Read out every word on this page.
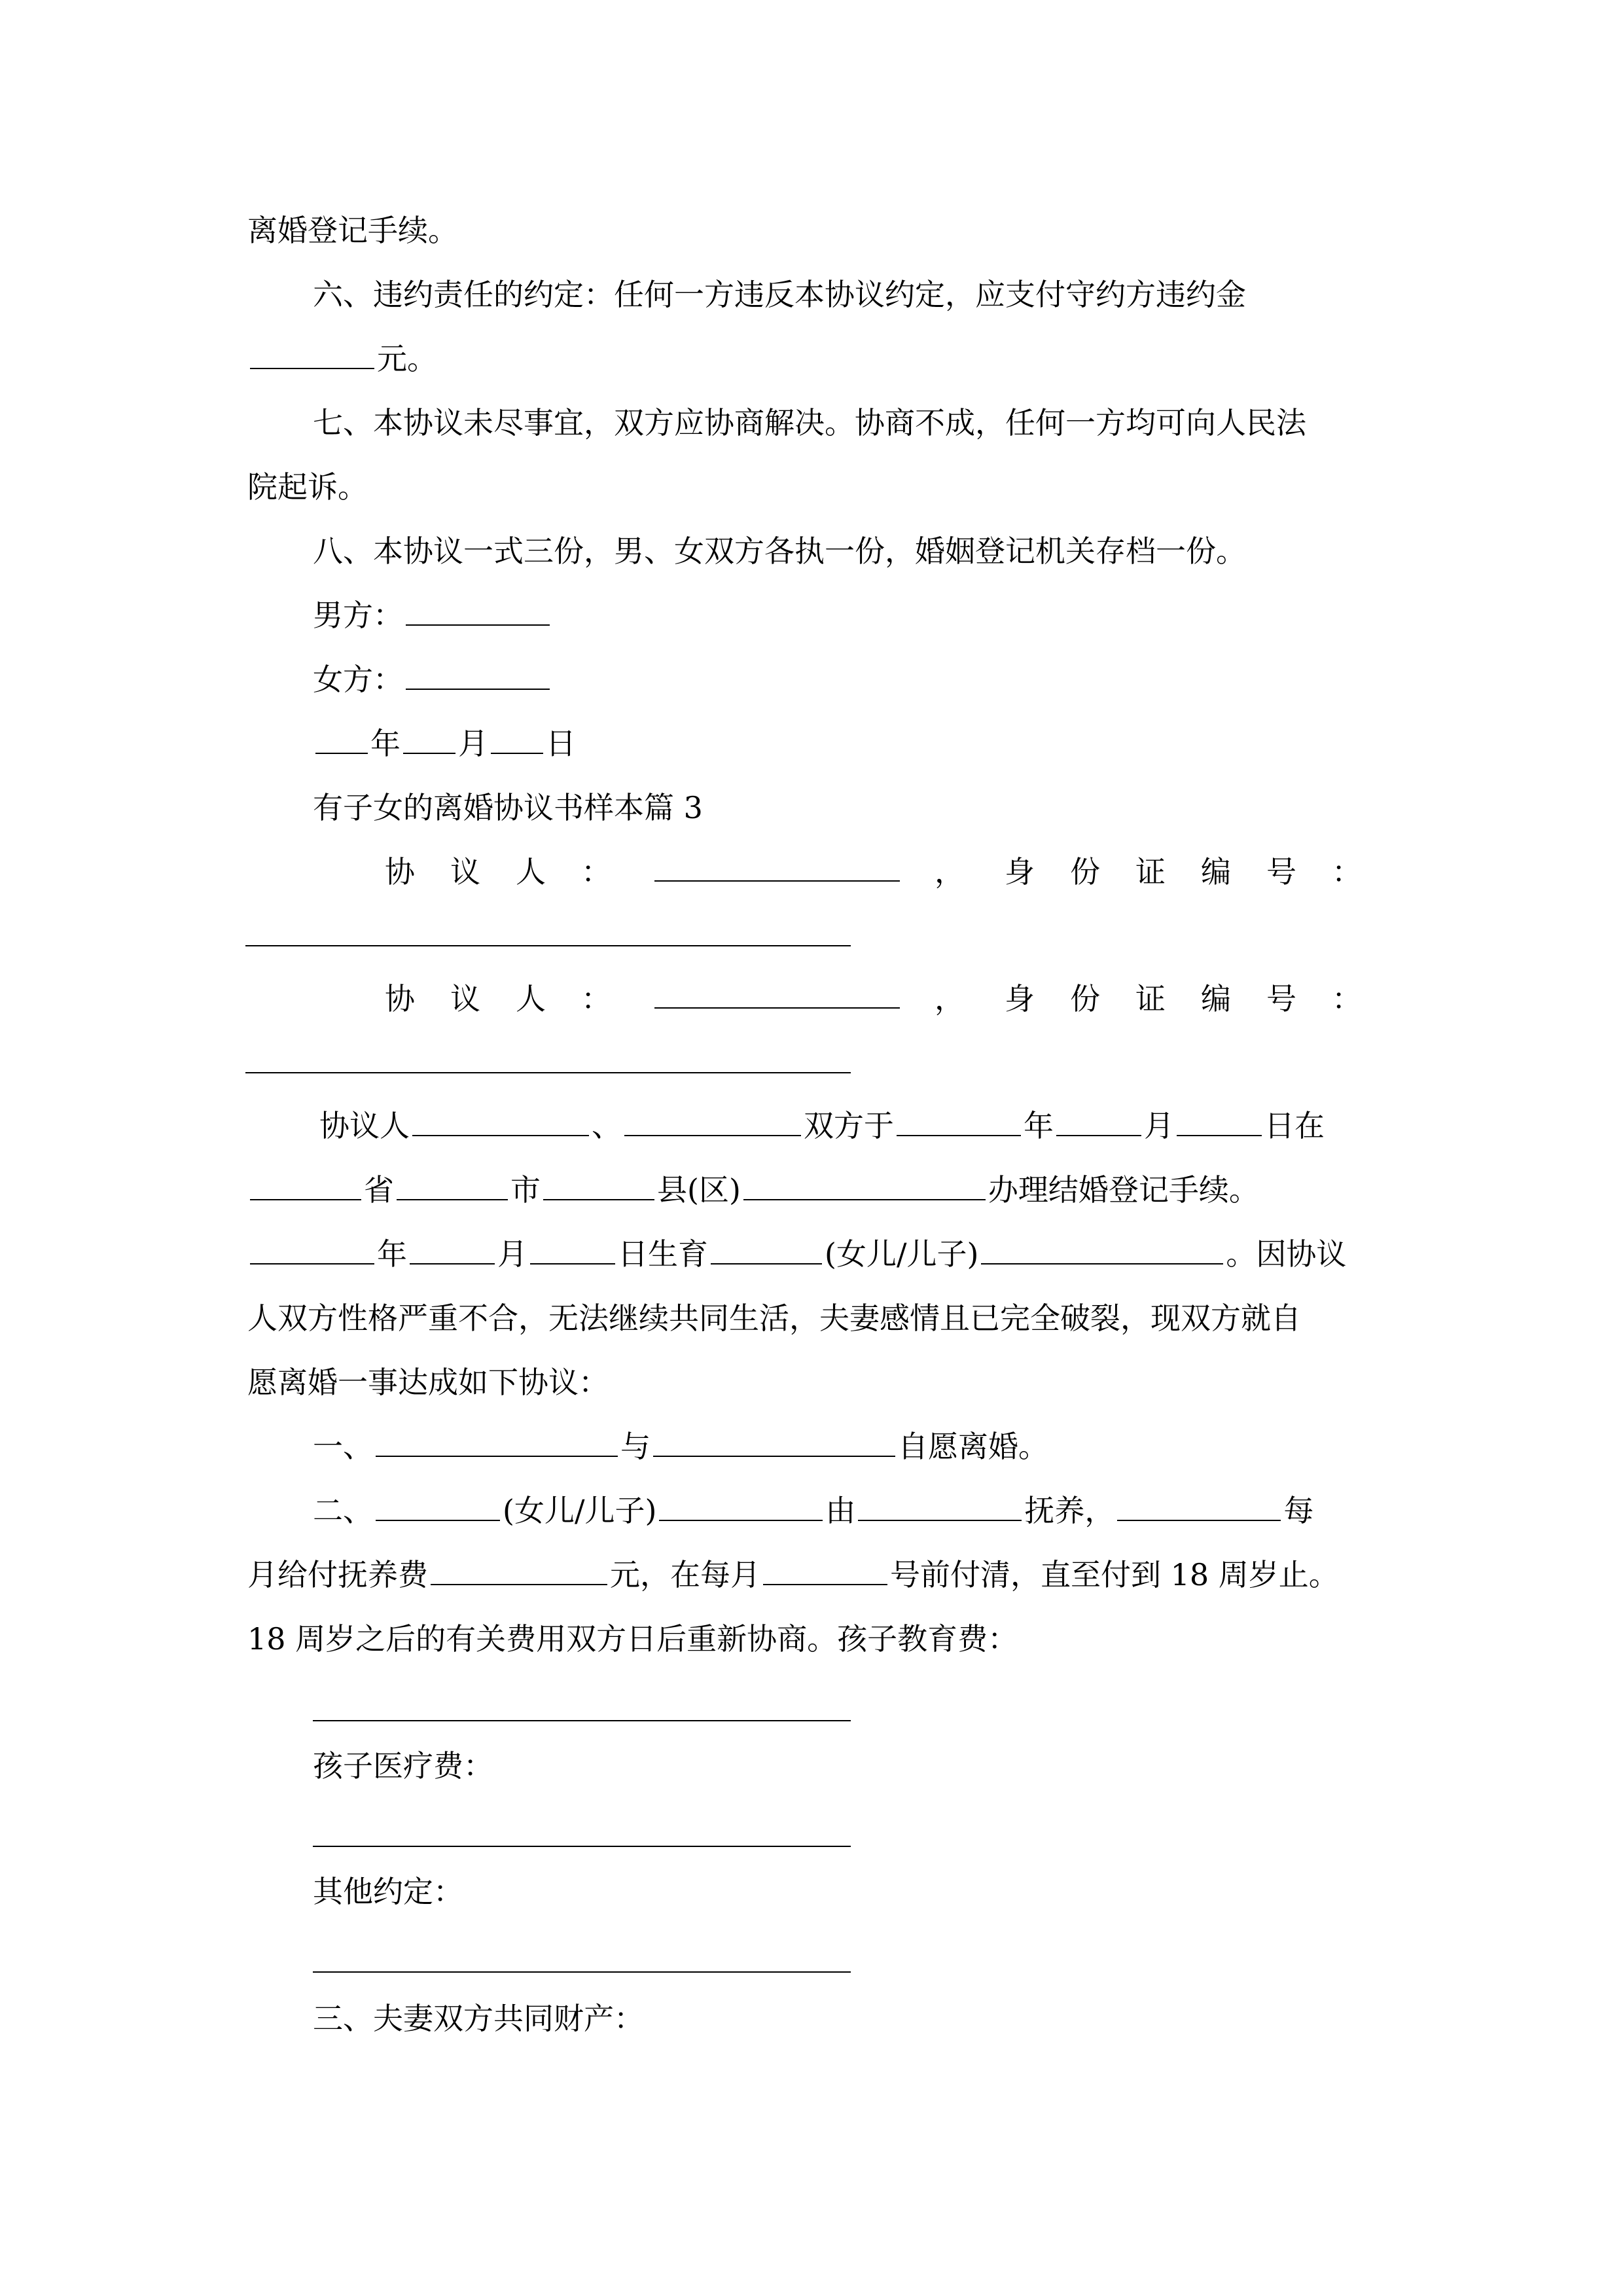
离婚登记手续。
六、违约责任的约定：任何一方违反本协议约定，应支付守约方违约金
元。
七、本协议未尽事宜，双方应协商解决。协商不成，任何一方均可向人民法
院起诉。
八、本协议一式三份，男、女双方各执一份，婚姻登记机关存档一份。
男方：
女方：
年 月 日
有子女的离婚协议书样本篇 3
协议人：	， 身份证编号：
协议人：	， 身份证编号：
协议人	、	双方于	年	月	日在
省	市	县(区)	办理结婚登记手续。
年	月	日生育	(女儿/儿子)	。因协议
人双方性格严重不合，无法继续共同生活，夫妻感情且已完全破裂，现双方就自
愿离婚一事达成如下协议：
一、	与	自愿离婚。
二、	(女儿/儿子)	由	抚养，	每
月给付抚养费	元，在每月	号前付清，直至付到 18 周岁止。
18 周岁之后的有关费用双方日后重新协商。孩子教育费：
孩子医疗费：
其他约定：
三、夫妻双方共同财产：
